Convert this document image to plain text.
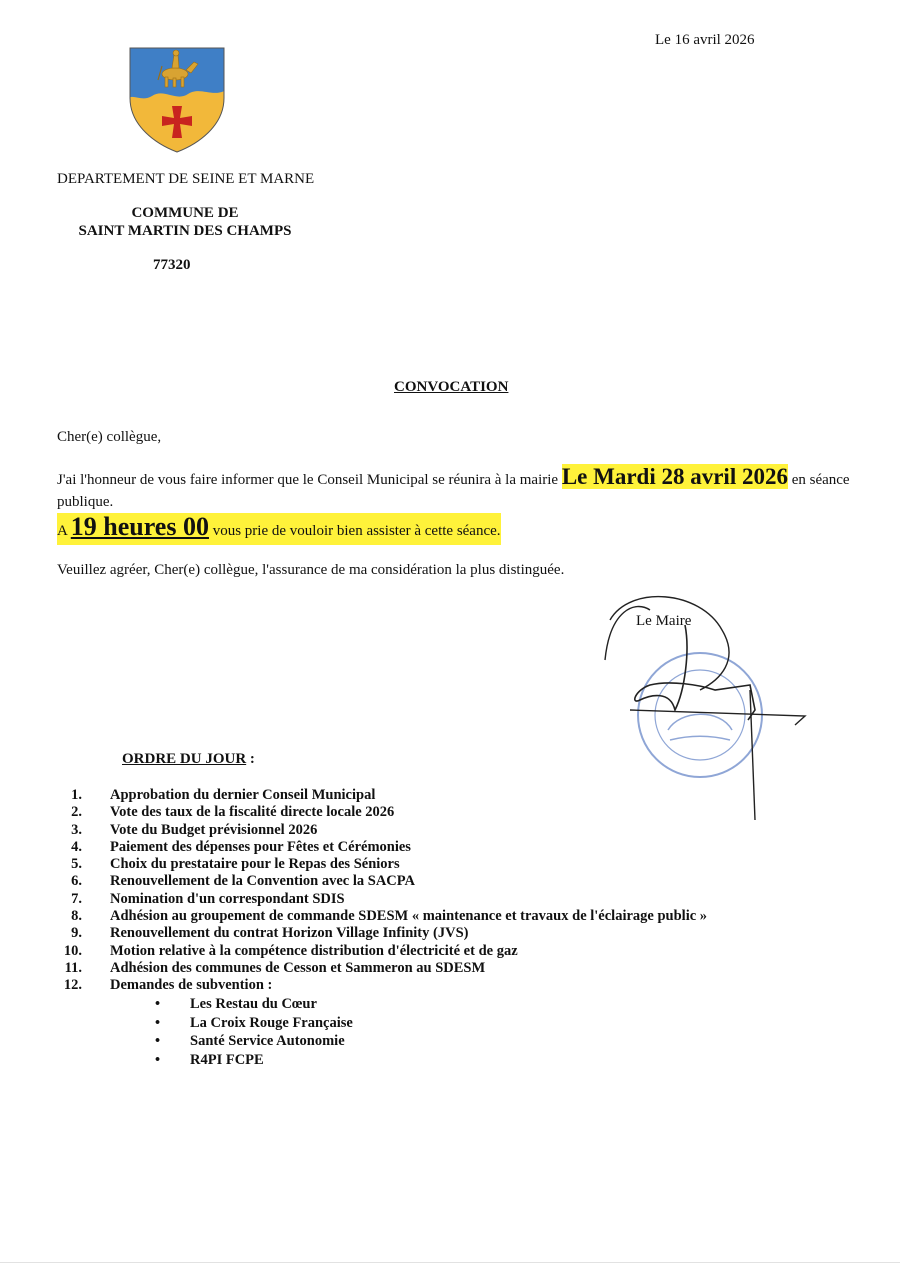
Le 16 avril 2026
DEPARTEMENT DE SEINE ET MARNE
COMMUNE DE
SAINT MARTIN DES CHAMPS
77320
CONVOCATION
Cher(e) collègue,
J'ai l'honneur de vous faire informer que le Conseil Municipal se réunira à la mairie Le Mardi 28 avril 2026 en séance publique.
A 19 heures 00 vous prie de vouloir bien assister à cette séance.
Veuillez agréer, Cher(e) collègue, l'assurance de ma considération la plus distinguée.
Le Maire
ORDRE DU JOUR :
1. Approbation du dernier Conseil Municipal
2. Vote des taux de la fiscalité directe locale 2026
3. Vote du Budget prévisionnel 2026
4. Paiement des dépenses pour Fêtes et Cérémonies
5. Choix du prestataire pour le Repas des Séniors
6. Renouvellement de la Convention avec la SACPA
7. Nomination d'un correspondant SDIS
8. Adhésion au groupement de commande SDESM « maintenance et travaux de l'éclairage public »
9. Renouvellement du contrat Horizon Village Infinity (JVS)
10. Motion relative à la compétence distribution d'électricité et de gaz
11. Adhésion des communes de Cesson et Sammeron au SDESM
12. Demandes de subvention :
• Les Restau du Cœur
• La Croix Rouge Française
• Santé Service Autonomie
• R4PI FCPE
